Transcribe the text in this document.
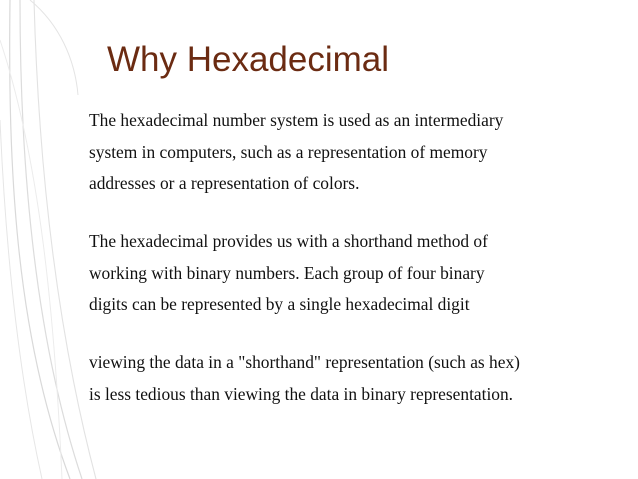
Why Hexadecimal

The hexadecimal number system is used as an intermediary
system in computers, such as a representation of memory
addresses or a representation of colors.

The hexadecimal provides us with a shorthand method of
working with binary numbers. Each group of four binary
digits can be represented by a single hexadecimal digit

viewing the data in a "shorthand" representation (such as hex)
is less tedious than viewing the data in binary representation.
